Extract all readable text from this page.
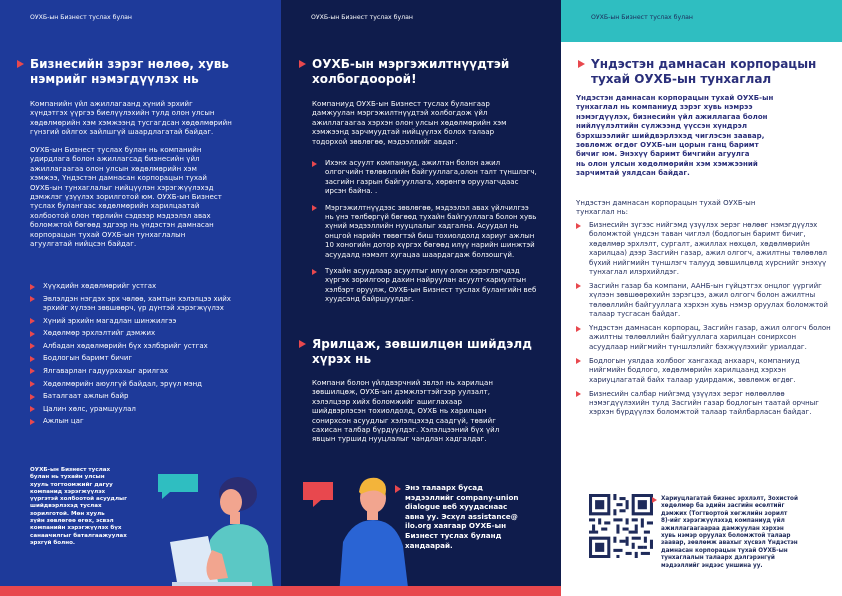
ОУХБ-ын Бизнест туслах булан
Бизнесийн зэрэг нөлөө, хувь
нэмрийг нэмэгдүүлэх нь
Компанийн үйл ажиллагаанд хүний эрхийг
хүндэтгэх үүргээ биелүүлэхийн тулд олон улсын
хөдөлмөрийн хэм хэмжээнд тусгагдсан хөдөлмөрийн
гүнзгий ойлгох зайлшгүй шаардлагатай байдаг.
ОУХБ-ын Бизнест туслах булан нь компанийн
удирдлага болон ажиллагсад бизнесийн үйл
ажиллагаагаа олон улсын хөдөлмөрийн хэм
хэмжээ, Үндэстэн дамнасан корпорацын тухай
ОУХБ-ын тунхаглалыг нийцүүлэн хэрэгжүүлэхэд
дэмжлэг үзүүлэх зорилготой юм. ОУХБ-ын Бизнест
туслах булангаас хөдөлмөрийн харилцаатай
холбоотой олон төрлийн сэдвээр мэдээлэл авах
боломжтой бөгөөд эдгээр нь үндэстэн дамнасан
корпорацын тухай ОУХБ-ын тунхаглалын
агуулгатай нийцсэн байдаг.
Хүүхдийн хөдөлмөрийг устгах
Эвлэлдэн нэгдэх эрх чөлөө, хамтын хэлэлцээ хийх эрхийг хүлээн зөвшөөрч, үр дүнтэй хэрэгжүүлэх
Хүний эрхийн магадлан шинжилгээ
Хөдөлмөр эрхлэлтийг дэмжих
Албадан хөдөлмөрийн бүх хэлбэрийг устгах
Бодлогын баримт бичиг
Ялгаварлан гадуурхахыг арилгах
Хөдөлмөрийн аюулгүй байдал, эрүүл мэнд
Баталгаат ажлын байр
Цалин хөлс, урамшуулал
Ажлын цаг
ОУХБ-ын Бизнест туслах
булан нь тухайн улсын
хууль тогтоомжийг дагуу
компанид хэрэгжүүлэх
үүргэтэй холбоотой асуудлыг
шийдвэрлэхэд туслах
зорилготой. Мөн хууль
зүйн зөвлөгөө өгөх, эсвэл
компанийн хэрэгжүүлэх бүх
санаачилгыг баталгаажуулах
эрхгүй болно.
ОУХБ-ын Бизнест туслах булан
ОУХБ-ын мэргэжилтнүүдтэй
холбогдоорой!
Компаниуд ОУХБ-ын Бизнест туслах булангаар
дамжуулан мэргэжилтнүүдтэй холбогдож үйл
ажиллагаагаа хэрхэн олон улсын хөдөлмөрийн хэм
хэмжээнд зарчмуудтай нийцүүлэх болох талаар
тодорхой зөвлөгөө, мэдээллийг авдаг.
Ихэнх асуулт компаниуд, ажилтан болон ажил олгогчийн төлөөллийн байгууллага,олон талт түншлэгч, засгийн газрын байгууллага, хөрөнгө оруулагчдаас ирсэн байна. .
Мэргэжилтнүүдээс зөвлөгөө, мэдээлэл авах үйлчилгээ нь үнэ төлбөргүй бөгөөд тухайн байгууллага болон хувь хүний мэдээллийн нууцлалыг хадгална. Асуудал нь онцгой нарийн төвөгтэй биш тохиолдолд хариуг ажлын 10 хоногийн дотор хүргэх бөгөөд илүү нарийн шинжтэй асуудалд нэмэлт хугацаа шаардагдаж болзошгүй.
Тухайн асуудлаар асуултыг илүү олон хэрэглэгчдэд хүргэх зорилгоор дахин найруулан асуулт-хариултын хэлбэрт оруулж, ОУХБ-ын Бизнест туслах булангийн веб хуудсанд байршуулдаг.
Ярилцаж, зөвшилцөн шийдэлд
хүрэх нь
Компани болон үйлдвэрчний эвлэл нь харилцан
зөвшилцөж, ОУХБ-ын дэмжлэгтэйгээр уулзалт,
хэлэлцээр хийх боломжийг ашиглахаар
шийдвэрлэсэн тохиолдолд, ОУХБ нь харилцан
сонирхсон асуудлыг хэлэлцэхэд саадгүй, төвийг
сахисан талбар бүрдүүлдэг. Хэлэлцээний бүх үйл
явцын туршид нууцлалыг чандлан хадгалдаг.
Энэ талаарх бусад
мэдээллийг company-union
dialogue веб хуудаснаас
авна уу. Эсхүл assistance@
ilo.org хаягаар ОУХБ-ын
Бизнест туслах буланд
хандаарай.
ОУХБ-ын Бизнест туслах булан
Үндэстэн дамнасан корпорацын
тухай ОУХБ-ын тунхаглал
Үндэстэн дамнасан корпорацын тухай ОУХБ-ын
тунхаглал нь компаниуд зэрэг хувь нэмрээ
нэмэгдүүлэх, бизнесийн үйл ажиллагаа болон
нийлүүлэлтийн сүлжээнд үүссэн хүндрэл
бэрхшээлийг шийдвэрлэхэд чиглэсэн заавар,
зөвлөмж өгдөг ОУХБ-ын цорын ганц баримт
бичиг юм. Энэхүү баримт бичгийн агуулга
нь олон улсын хөдөлмөрийн хэм хэмжээний
зарчимтай уялдсан байдаг.
Үндэстэн дамнасан корпорацын тухай ОУХБ-ын
тунхаглал нь:
Бизнесийн зүгээс нийгэмд үзүүлэх эерэг нөлөөг нэмэгдүүлэх боломжтой үндсэн таван чиглэл (бодлогын баримт бичиг, хөдөлмөр эрхлэлт, сургалт, ажиллах нөхцөл, хөдөлмөрийн харилцаа) дээр Засгийн газар, ажил олгогч, ажилтны төлөөлөл бүхий нийгмийн түншлэгч талууд зөвшилцөлд хүрснийг энэхүү тунхаглал илэрхийлдэг.
Засгийн газар ба компани, ААНБ-ын гүйцэтгэх онцлог үүргийг хүлээн зөвшөөрөхийн зэрэгцээ, ажил олгогч болон ажилтны төлөөллийн байгууллага хэрхэн хувь нэмэр оруулах боломжтой талаар тусгасан байдаг.
Үндэстэн дамнасан корпорац, Засгийн газар, ажил олгогч болон ажилтны төлөөллийн байгууллага харилцан сонирхсон асуудлаар нийгмийн түншлэлийг бэхжүүлэхийг уриалдаг.
Бодлогын уялдаа холбоог хангахад анхаарч, компаниуд нийгмийн бодлого, хөдөлмөрийн харилцаанд хэрхэн хариуцлагатай байх талаар удирдамж, зөвлөмж өгдөг.
Бизнесийн салбар нийгэмд үзүүлэх эерэг нөлөөллөө нэмэгдүүлэхийн тулд Засгийн газар бодлогын таатай орчныг хэрхэн бүрдүүлэх боломжтой талаар тайлбарласан байдаг.
Хариуцлагатай бизнес эрхлэлт, Зохистой
хөдөлмөр ба эдийн засгийн өсөлтийг
дэмжих (Тогтвортой хөгжлийн зорилт
8)-ийг хэрэгжүүлэхэд компаниуд үйл
ажиллагаагаараа дамжуулан хэрхэн
хувь нэмэр оруулах боломжтой талаар
заавар, зөвлөмж авахыг хүсвэл Үндэстэн
дамнасан корпорацын тухай ОУХБ-ын
тунхаглалын талаарх дэлгэрэнгүй
мэдээллийг эндээс уншина уу.
